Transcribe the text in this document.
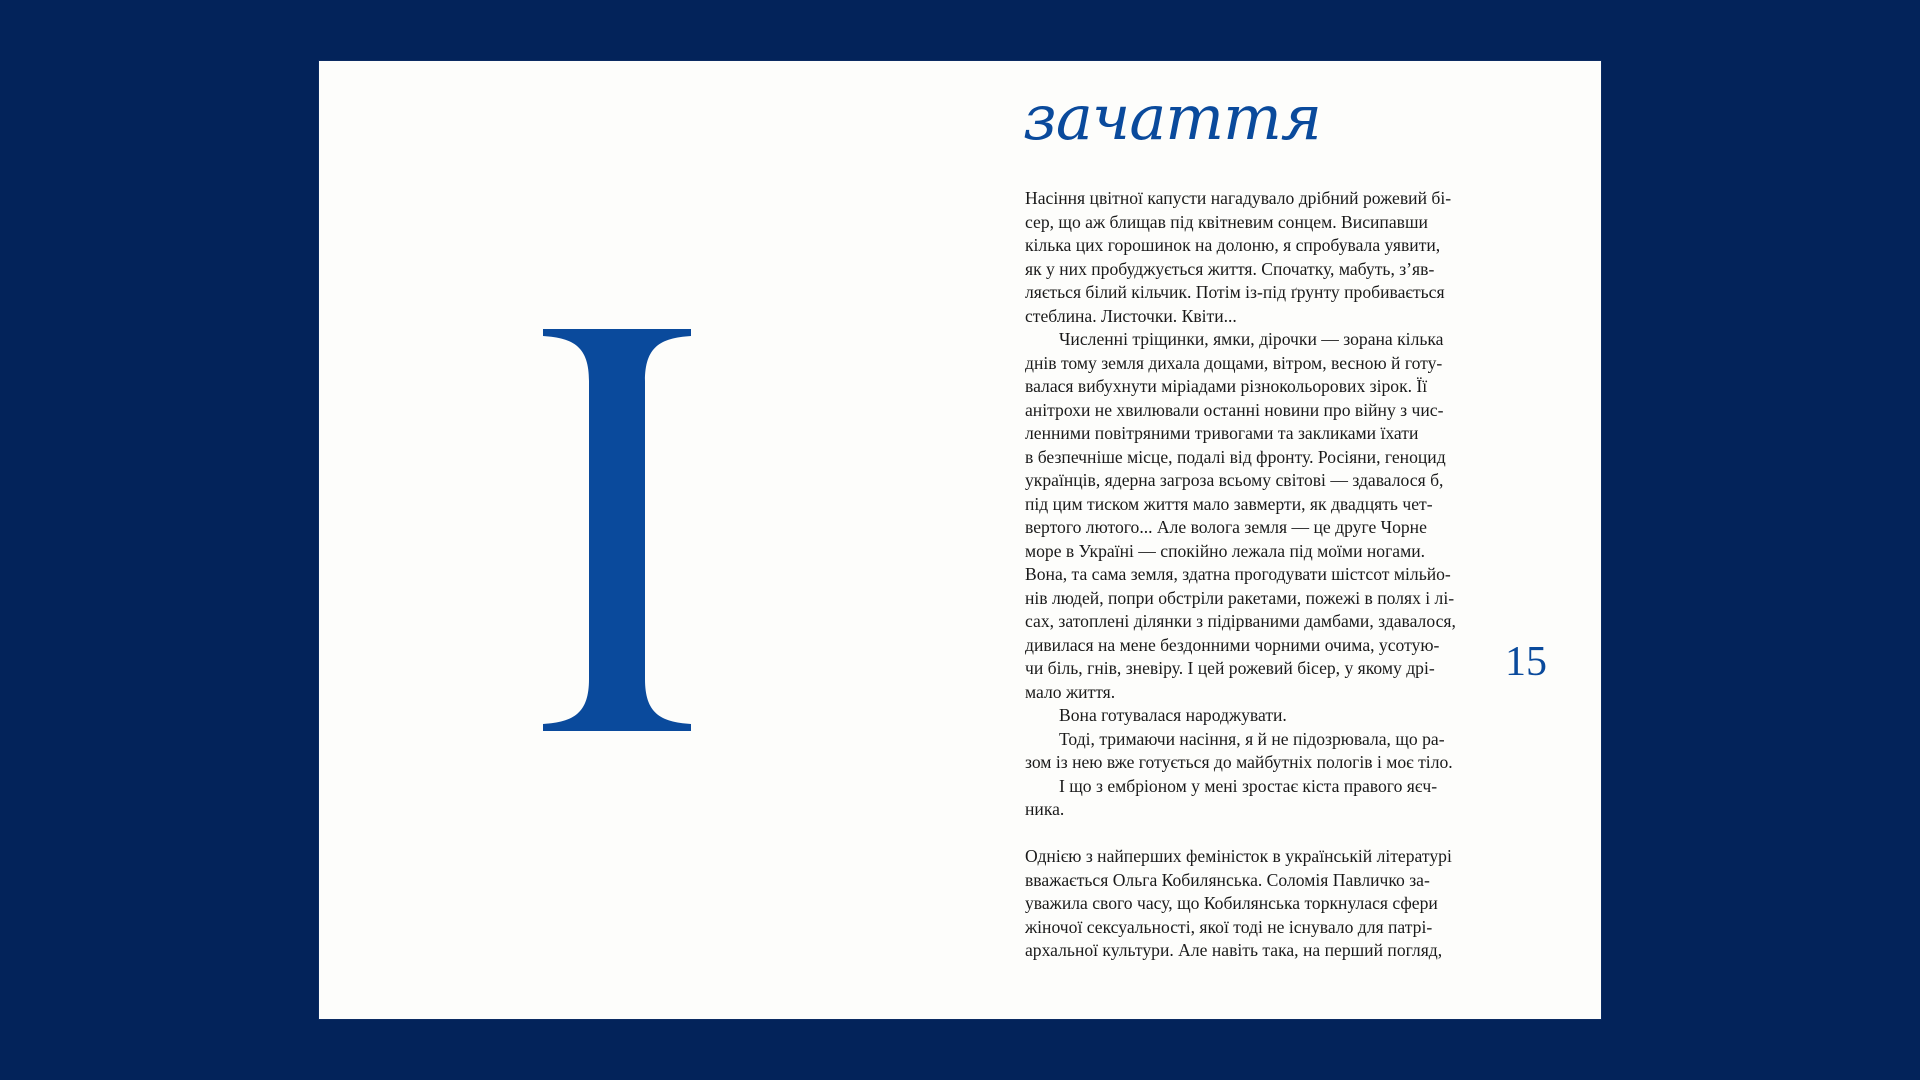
зачаття

Насіння цвітної капусти нагадувало дрібний рожевий бі-
сер, що аж блищав під квітневим сонцем. Висипавши
кілька цих горошинок на долоню, я спробувала уявити,
як у них пробуджується життя. Спочатку, мабуть, з’яв-
ляється білий кільчик. Потім із-під ґрунту пробивається
стеблина. Листочки. Квіти...

Численні тріщинки, ямки, дірочки — зорана кілька
днів тому земля дихала дощами, вітром, весною й готу-
валася вибухнути міріадами різнокольорових зірок. Її
анітрохи не хвилювали останні новини про війну з чис-
ленними повітряними тривогами та закликами їхати
в безпечніше місце, подалі від фронту. Росіяни, геноцид
українців, ядерна загроза всьому світові — здавалося б,
під цим тиском життя мало завмерти, як двадцять чет-
вертого лютого... Але волога земля — це друге Чорне
море в Україні — спокійно лежала під моїми ногами.
Вона, та сама земля, здатна прогодувати шістсот мільйо-
нів людей, попри обстріли ракетами, пожежі в полях і лі-
сах, затоплені ділянки з підірваними дамбами, здавалося,
дивилася на мене бездонними чорними очима, усотую-
чи біль, гнів, зневіру. І цей рожевий бісер, у якому дрі-
мало життя.

Вона готувалася народжувати.

Тоді, тримаючи насіння, я й не підозрювала, що ра-
зом із нею вже готується до майбутніх пологів і моє тіло.

І що з ембріоном у мені зростає кіста правого яєч-
ника.

Однією з найперших феміністок в українській літературі
вважається Ольга Кобилянська. Соломія Павличко за-
уважила свого часу, що Кобилянська торкнулася сфери
жіночої сексуальності, якої тоді не існувало для патрі-
архальної культури. Але навіть така, на перший погляд,

15
